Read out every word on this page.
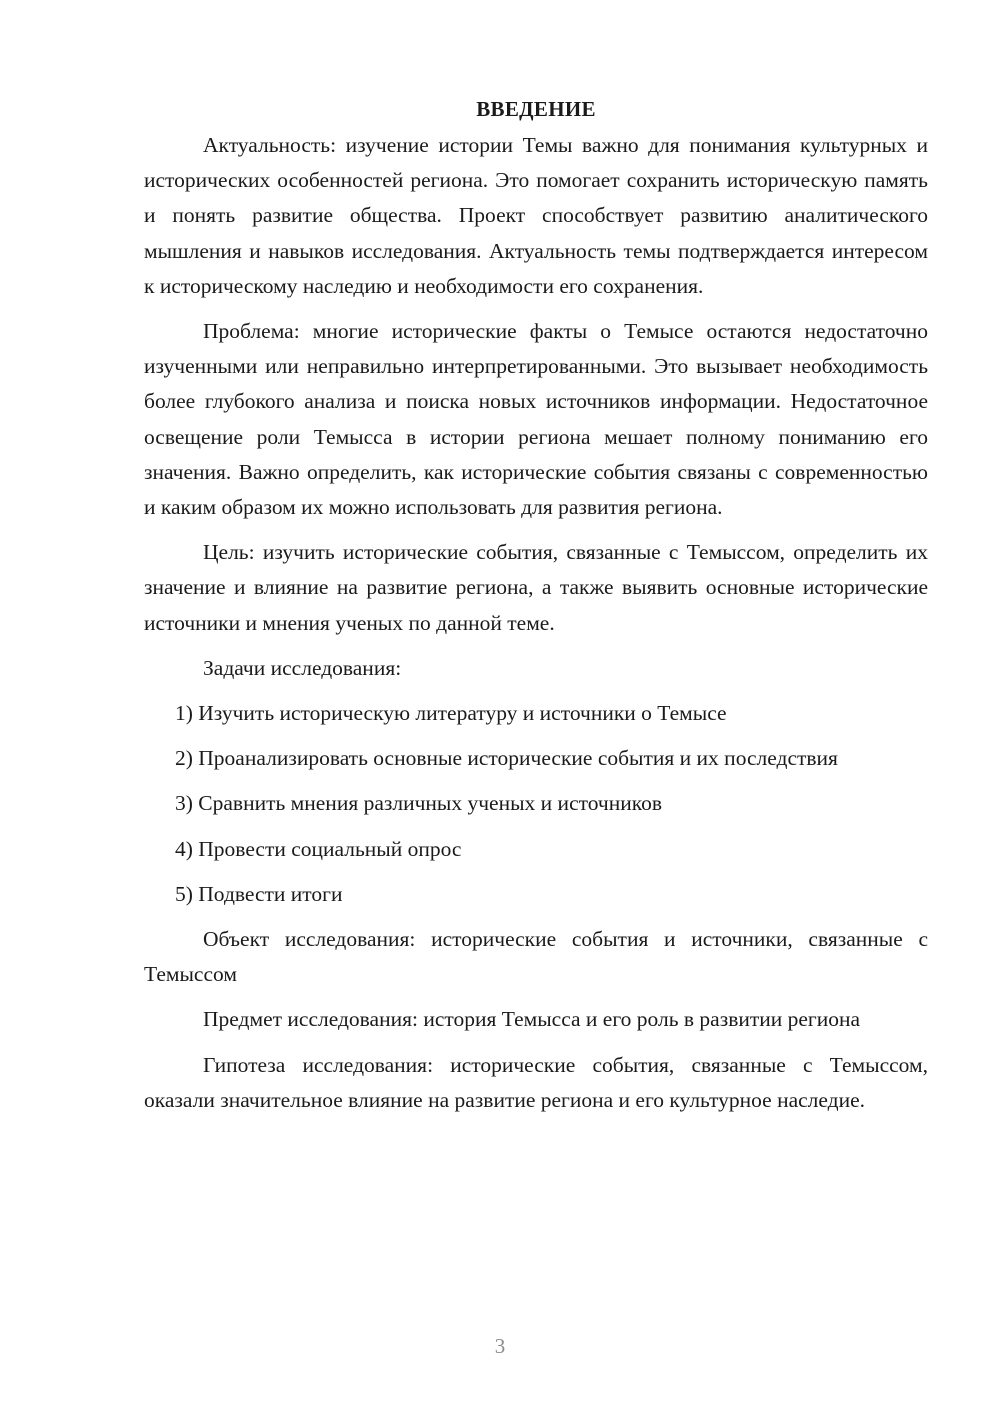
ВВЕДЕНИЕ

Актуальность: изучение истории Темы важно для понимания культурных и исторических особенностей региона. Это помогает сохранить историческую память и понять развитие общества. Проект способствует развитию аналитического мышления и навыков исследования. Актуальность темы подтверждается интересом к историческому наследию и необходимости его сохранения.

Проблема: многие исторические факты о Темысе остаются недостаточно изученными или неправильно интерпретированными. Это вызывает необходимость более глубокого анализа и поиска новых источников информации. Недостаточное освещение роли Темысса в истории региона мешает полному пониманию его значения. Важно определить, как исторические события связаны с современностью и каким образом их можно использовать для развития региона.

Цель: изучить исторические события, связанные с Темыссом, определить их значение и влияние на развитие региона, а также выявить основные исторические источники и мнения ученых по данной теме.

Задачи исследования:

1) Изучить историческую литературу и источники о Темысе

2) Проанализировать основные исторические события и их последствия

3) Сравнить мнения различных ученых и источников

4) Провести социальный опрос

5) Подвести итоги

Объект исследования: исторические события и источники, связанные с Темыссом

Предмет исследования: история Темысса и его роль в развитии региона

Гипотеза исследования: исторические события, связанные с Темыссом, оказали значительное влияние на развитие региона и его культурное наследие.

3
